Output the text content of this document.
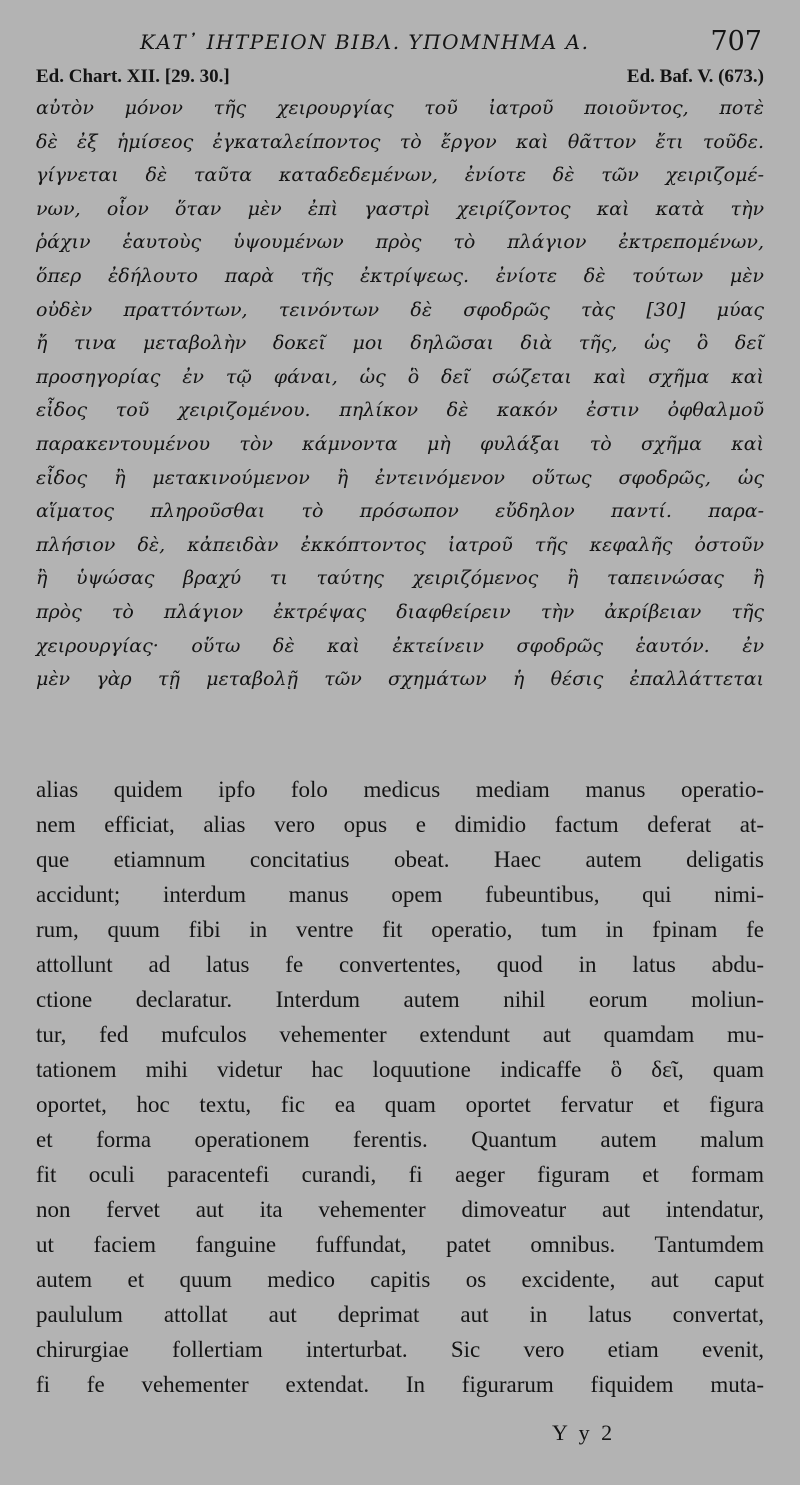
ΚΑΤ᾽ ΙΗΤΡΕΙΟΝ ΒΙΒΛ. ΥΠΟΜΝΗΜΑ Α.	707
Ed. Chart. XII. [29. 30.]	Ed. Baf. V. (673.)
αὐτὸν μόνον τῆς χειρουργίας τοῦ ἰατροῦ ποιοῦντος, ποτὲ
δὲ ἐξ ἡμίσεος ἐγκαταλείποντος τὸ ἔργον καὶ θᾶττον ἔτι τοῦδε.
γίγνεται δὲ ταῦτα καταδεδεμένων, ἐνίοτε δὲ τῶν χειριζομέ-
νων, οἷον ὅταν μὲν ἐπὶ γαστρὶ χειρίζοντος καὶ κατὰ τὴν
ῥάχιν ἑαυτοὺς ὑψουμένων πρὸς τὸ πλάγιον ἐκτρεπομένων,
ὅπερ ἐδήλουτο παρὰ τῆς ἐκτρίψεως. ἐνίοτε δὲ τούτων μὲν
οὐδὲν πραττόντων, τεινόντων δὲ σφοδρῶς τὰς [30] μύας
ἤ τινα μεταβολὴν δοκεῖ μοι δηλῶσαι διὰ τῆς, ὡς ὃ δεῖ
προσηγορίας ἐν τῷ φάναι, ὡς ὃ δεῖ σώζεται καὶ σχῆμα καὶ
εἶδος τοῦ χειριζομένου. πηλίκον δὲ κακόν ἐστιν ὀφθαλμοῦ
παρακεντουμένου τὸν κάμνοντα μὴ φυλάξαι τὸ σχῆμα καὶ
εἶδος ἢ μετακινούμενον ἢ ἐντεινόμενον οὕτως σφοδρῶς, ὡς
αἵματος πληροῦσθαι τὸ πρόσωπον εὔδηλον παντί. παρα-
πλήσιον δὲ, κἀπειδὰν ἐκκόπτοντος ἰατροῦ τῆς κεφαλῆς ὀστοῦν
ἢ ὑψώσας βραχύ τι ταύτης χειριζόμενος ἢ ταπεινώσας ἢ
πρὸς τὸ πλάγιον ἐκτρέψας διαφθείρειν τὴν ἀκρίβειαν τῆς
χειρουργίας· οὕτω δὲ καὶ ἐκτείνειν σφοδρῶς ἑαυτόν. ἐν
μὲν γὰρ τῇ μεταβολῇ τῶν σχημάτων ἡ θέσις ἐπαλλάττεται
alias quidem ipfo folo medicus mediam manus operatio-
nem efficiat, alias vero opus e dimidio factum deferat at-
que etiamnum concitatius obeat. Haec autem deligatis
accidunt; interdum manus opem fubeuntibus, qui nimi-
rum, quum fibi in ventre fit operatio, tum in fpinam fe
attollunt ad latus fe convertentes, quod in latus abdu-
ctione declaratur. Interdum autem nihil eorum moliun-
tur, fed mufculos vehementer extendunt aut quamdam mu-
tationem mihi videtur hac loquutione indicaffe ὃ δεῖ, quam
oportet, hoc textu, fic ea quam oportet fervatur et figura
et forma operationem ferentis. Quantum autem malum
fit oculi paracentefi curandi, fi aeger figuram et formam
non fervet aut ita vehementer dimoveatur aut intendatur,
ut faciem fanguine fuffundat, patet omnibus. Tantumdem
autem et quum medico capitis os excidente, aut caput
paululum attollat aut deprimat aut in latus convertat,
chirurgiae follertiam interturbat. Sic vero etiam evenit,
fi fe vehementer extendat. In figurarum fiquidem muta-
Y y 2
